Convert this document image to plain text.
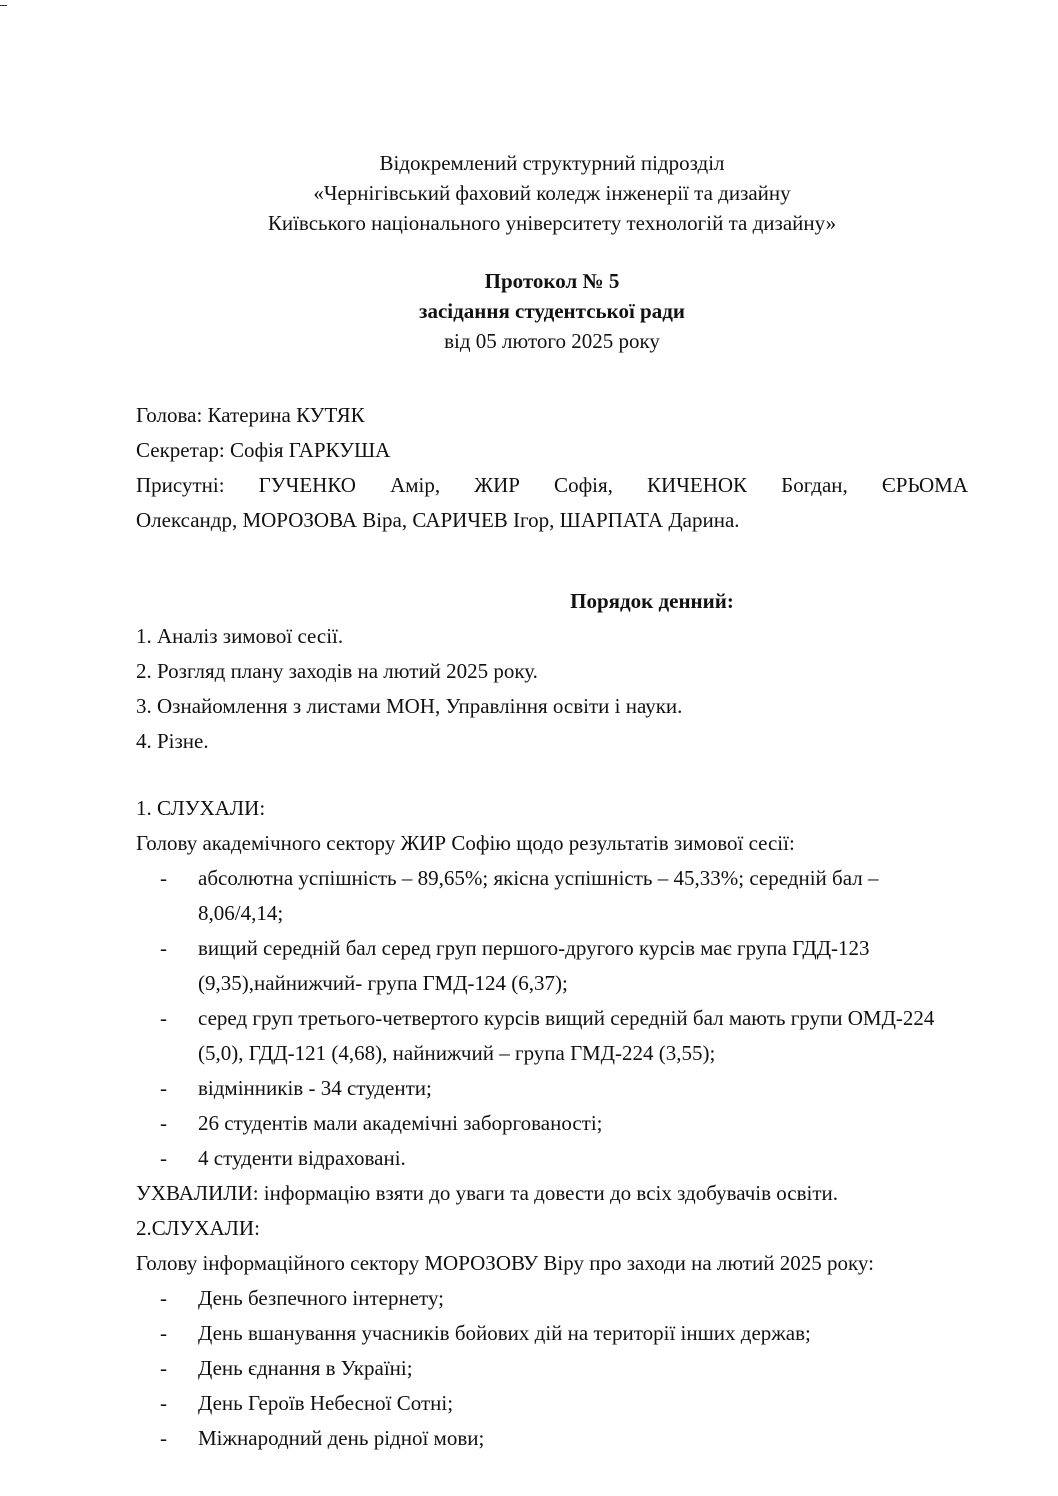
Відокремлений структурний підрозділ
«Чернігівський фаховий коледж інженерії та дизайну
Київського національного університету технологій та дизайну»
Протокол № 5
засідання студентської ради
від 05 лютого 2025 року
Голова: Катерина КУТЯК
Секретар: Софія ГАРКУША
Присутні: ГУЧЕНКО Амір, ЖИР Софія, КИЧЕНОК Богдан, ЄРЬОМА
Олександр, МОРОЗОВА Віра, САРИЧЕВ Ігор, ШАРПАТА Дарина.
Порядок денний:
1. Аналіз зимової сесії.
2. Розгляд плану заходів на лютий 2025 року.
3. Ознайомлення з листами МОН, Управління освіти і науки.
4. Різне.
1. СЛУХАЛИ:
Голову академічного сектору ЖИР Софію щодо результатів зимової сесії:
- абсолютна успішність – 89,65%; якісна успішність – 45,33%; середній бал – 8,06/4,14;
- вищий середній бал серед груп першого-другого курсів має група ГДД-123 (9,35),найнижчий- група ГМД-124 (6,37);
- серед груп третього-четвертого курсів вищий середній бал мають групи ОМД-224 (5,0), ГДД-121 (4,68), найнижчий – група ГМД-224 (3,55);
- відмінників - 34 студенти;
- 26 студентів мали академічні заборгованості;
- 4 студенти відраховані.
УХВАЛИЛИ: інформацію взяти до уваги та довести до всіх здобувачів освіти.
2.СЛУХАЛИ:
Голову інформаційного сектору МОРОЗОВУ Віру про заходи на лютий 2025 року:
- День безпечного інтернету;
- День вшанування учасників бойових дій на території інших держав;
- День єднання в Україні;
- День Героїв Небесної Сотні;
- Міжнародний день рідної мови;
